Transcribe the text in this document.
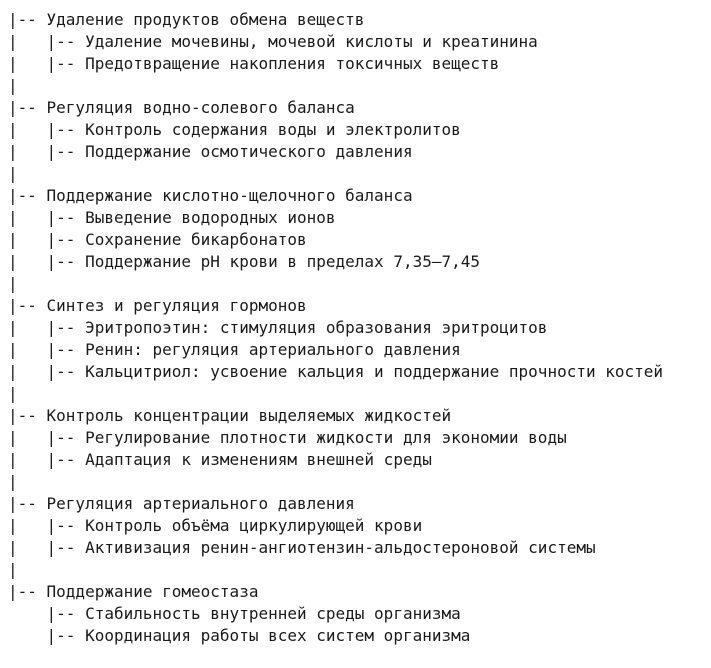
|-- Удаление продуктов обмена веществ
|   |-- Удаление мочевины, мочевой кислоты и креатинина
|   |-- Предотвращение накопления токсичных веществ
|
|-- Регуляция водно-солевого баланса
|   |-- Контроль содержания воды и электролитов
|   |-- Поддержание осмотического давления
|
|-- Поддержание кислотно-щелочного баланса
|   |-- Выведение водородных ионов
|   |-- Сохранение бикарбонатов
|   |-- Поддержание pH крови в пределах 7,35–7,45
|
|-- Синтез и регуляция гормонов
|   |-- Эритропоэтин: стимуляция образования эритроцитов
|   |-- Ренин: регуляция артериального давления
|   |-- Кальцитриол: усвоение кальция и поддержание прочности костей
|
|-- Контроль концентрации выделяемых жидкостей
|   |-- Регулирование плотности жидкости для экономии воды
|   |-- Адаптация к изменениям внешней среды
|
|-- Регуляция артериального давления
|   |-- Контроль объёма циркулирующей крови
|   |-- Активизация ренин-ангиотензин-альдостероновой системы
|
|-- Поддержание гомеостаза
|-- Стабильность внутренней среды организма
|-- Координация работы всех систем организма
